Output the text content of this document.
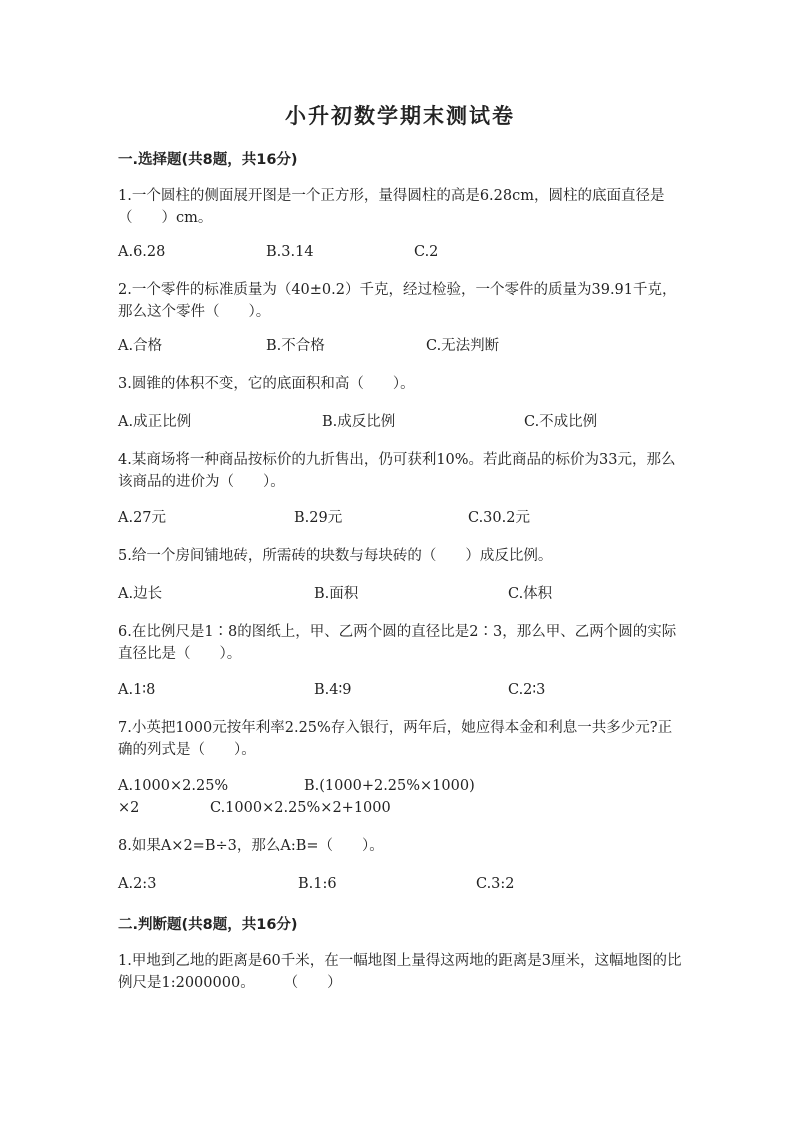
小升初数学期末测试卷

一.选择题(共8题，共16分)

1.一个圆柱的侧面展开图是一个正方形，量得圆柱的高是6.28cm，圆柱的底面直径是（　　）cm。

A.6.28	B.3.14	C.2

2.一个零件的标准质量为（40±0.2）千克，经过检验，一个零件的质量为39.91千克，那么这个零件（　　）。

A.合格	B.不合格	C.无法判断

3.圆锥的体积不变，它的底面积和高（　　）。

A.成正比例	B.成反比例	C.不成比例

4.某商场将一种商品按标价的九折售出，仍可获利10%。若此商品的标价为33元，那么该商品的进价为（　　）。

A.27元	B.29元	C.30.2元

5.给一个房间铺地砖，所需砖的块数与每块砖的（　　）成反比例。

A.边长	B.面积	C.体积

6.在比例尺是1∶8的图纸上，甲、乙两个圆的直径比是2∶3，那么甲、乙两个圆的实际直径比是（　　）。

A.1∶8	B.4∶9	C.2∶3

7.小英把1000元按年利率2.25%存入银行，两年后，她应得本金和利息一共多少元?正确的列式是（　　）。

A.1000×2.25%	B.(1000+2.25%×1000)
×2	C.1000×2.25%×2+1000

8.如果A×2=B÷3，那么A:B=（　　）。

A.2:3	B.1:6	C.3:2

二.判断题(共8题，共16分)

1.甲地到乙地的距离是60千米，在一幅地图上量得这两地的距离是3厘米，这幅地图的比例尺是1:2000000。　　　（　　）
